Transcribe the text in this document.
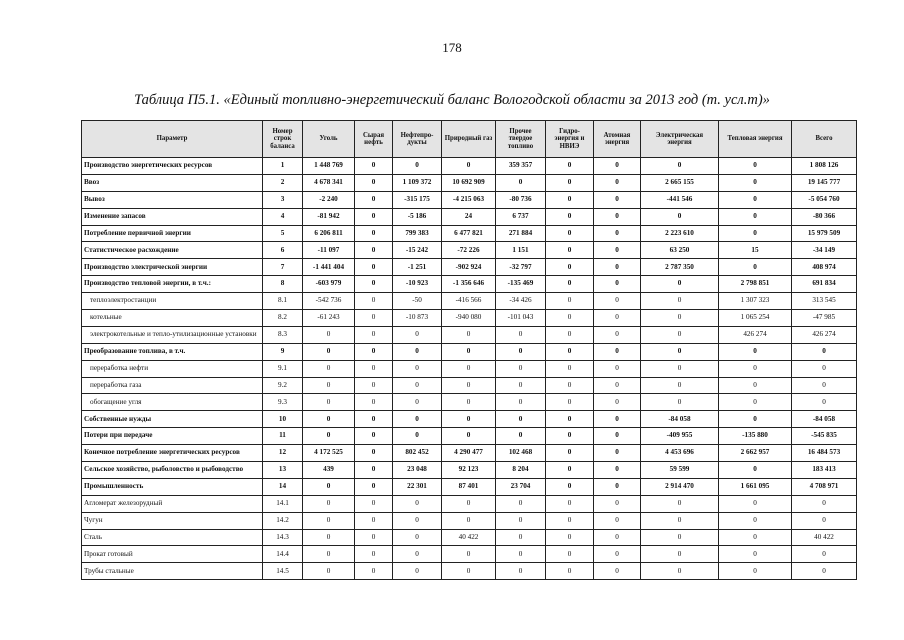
178
Таблица П5.1. «Единый топливно-энергетический баланс Вологодской области за 2013 год (т. усл.т)»
Параметр	Номер строк баланса	Уголь	Сырая нефть	Нефтепро-дукты	Природный газ	Прочее твердое топливо	Гидро-энергия и НВИЭ	Атомная энергия	Электрическая энергия	Тепловая энергия	Всего
Производство энергетических ресурсов	1	1 448 769	0	0	0	359 357	0	0	0	0	1 808 126
Ввоз	2	4 678 341	0	1 109 372	10 692 909	0	0	0	2 665 155	0	19 145 777
Вывоз	3	-2 240	0	-315 175	-4 215 063	-80 736	0	0	-441 546	0	-5 054 760
Изменение запасов	4	-81 942	0	-5 186	24	6 737	0	0	0	0	-80 366
Потребление первичной энергии	5	6 206 811	0	799 383	6 477 821	271 884	0	0	2 223 610	0	15 979 509
Статистическое расхождение	6	-11 097	0	-15 242	-72 226	1 151	0	0	63 250	15	-34 149
Производство электрической энергии	7	-1 441 404	0	-1 251	-902 924	-32 797	0	0	2 787 350	0	408 974
Производство тепловой энергии, в т.ч.:	8	-603 979	0	-10 923	-1 356 646	-135 469	0	0	0	2 798 851	691 834
теплоэлектростанции	8.1	-542 736	0	-50	-416 566	-34 426	0	0	0	1 307 323	313 545
котельные	8.2	-61 243	0	-10 873	-940 080	-101 043	0	0	0	1 065 254	-47 985
электрокотельные и тепло-утилизационные установки	8.3	0	0	0	0	0	0	0	0	426 274	426 274
Преобразование топлива, в т.ч.	9	0	0	0	0	0	0	0	0	0	0
переработка нефти	9.1	0	0	0	0	0	0	0	0	0	0
переработка газа	9.2	0	0	0	0	0	0	0	0	0	0
обогащение угля	9.3	0	0	0	0	0	0	0	0	0	0
Собственные нужды	10	0	0	0	0	0	0	0	-84 058	0	-84 058
Потери при передаче	11	0	0	0	0	0	0	0	-409 955	-135 880	-545 835
Конечное потребление энергетических ресурсов	12	4 172 525	0	802 452	4 290 477	102 468	0	0	4 453 696	2 662 957	16 484 573
Сельское хозяйство, рыболовство и рыбоводство	13	439	0	23 048	92 123	8 204	0	0	59 599	0	183 413
Промышленность	14	0	0	22 301	87 401	23 704	0	0	2 914 470	1 661 095	4 708 971
Агломерат железорудный	14.1	0	0	0	0	0	0	0	0	0	0
Чугун	14.2	0	0	0	0	0	0	0	0	0	0
Сталь	14.3	0	0	0	40 422	0	0	0	0	0	40 422
Прокат готовый	14.4	0	0	0	0	0	0	0	0	0	0
Трубы стальные	14.5	0	0	0	0	0	0	0	0	0	0
